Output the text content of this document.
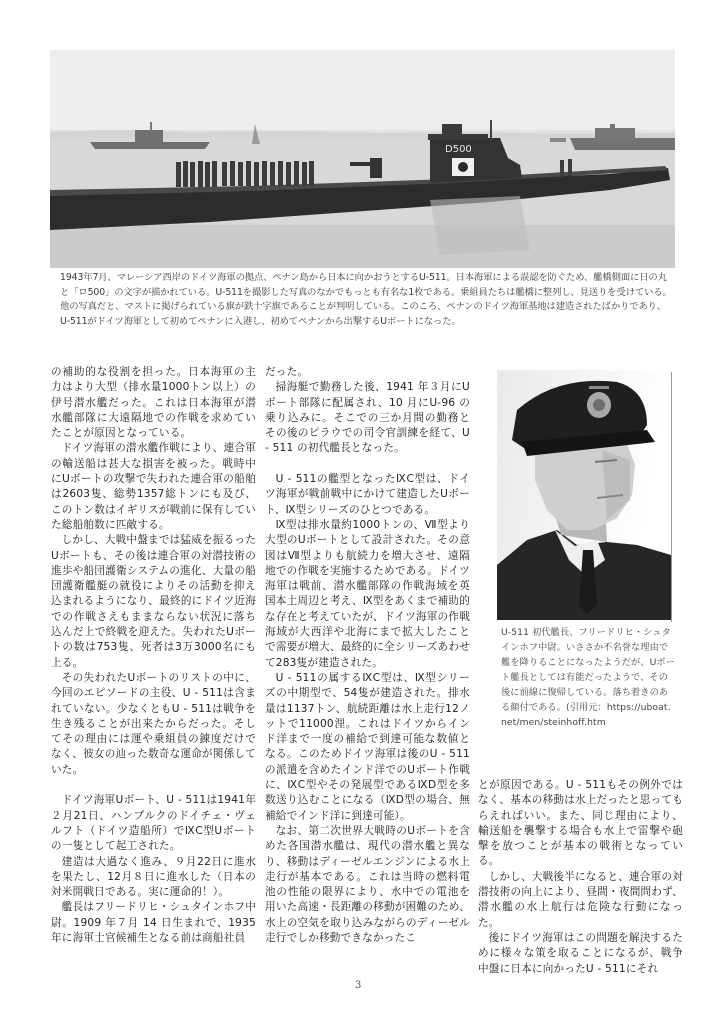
D500
1943年7月、マレーシア西岸のドイツ海軍の拠点、ペナン島から日本に向かおうとするU-511。日本海軍による誤認を防ぐため、艦橋側面に日の丸と「ロ500」の文字が描かれている。U-511を撮影した写真のなかでもっとも有名な1枚である。乗組員たちは艦橋に整列し、見送りを受けている。他の写真だと、マストに掲げられている旗が鉄十字旗であることが判明している。このころ、ペナンのドイツ海軍基地は建造されたばかりであり、U-511がドイツ海軍として初めてペナンに入港し、初めてペナンから出撃するUボートになった。

の補助的な役割を担った。日本海軍の主力はより大型（排水量1000トン以上）の伊号潜水艦だった。これは日本海軍が潜水艦部隊に大遠隔地での作戦を求めていたことが原因となっている。

ドイツ海軍の潜水艦作戦により、連合軍の輸送船は甚大な損害を被った。戦時中にUボートの攻撃で失われた連合軍の船舶は2603隻、総勢1357総トンにも及び、このトン数はイギリスが戦前に保有していた総船舶数に匹敵する。

しかし、大戦中盤までは猛威を振るったUボートも、その後は連合軍の対潜技術の進歩や船団護衛システムの進化、大量の船団護衛艦艇の就役によりその活動を抑え込まれるようになり、最終的にドイツ近海での作戦さえもままならない状況に落ち込んだ上で終戦を迎えた。失われたUボートの数は753隻、死者は3万3000名にも上る。

その失われたUボートのリストの中に、今回のエピソードの主役、U - 511は含まれていない。少なくともU - 511は戦争を生き残ることが出来たからだった。そしてその理由には運や乗組員の錬度だけでなく、彼女の辿った数奇な運命が関係していた。

ドイツ海軍Uボート、U - 511は1941年２月21日、ハンブルクのドイチェ・ヴェルフト（ドイツ造船所）でⅨC型Uボートの一隻として起工された。

建造は大過なく進み、９月22日に進水を果たし、12月８日に進水した（日本の対米開戦日である。実に運命的！）。

艦長はフリードリヒ・シュタインホフ中尉。1909 年７月 14 日生まれで、1935年に海軍士官候補生となる前は商船社員

だった。

掃海艇で勤務した後、1941 年３月にUボート部隊に配属され、10 月にU-96 の乗り込みに。そこでの三か月間の勤務とその後のピラウでの司令官訓練を経て、U - 511 の初代艦長となった。

U - 511の艦型となったⅨC型は、ドイツ海軍が戦前戦中にかけて建造したUボート、Ⅸ型シリーズのひとつである。

Ⅸ型は排水量約1000トンの、Ⅶ型より大型のUボートとして設計された。その意図はⅦ型よりも航続力を増大させ、遠隔地での作戦を実施するためである。ドイツ海軍は戦前、潜水艦部隊の作戦海域を英国本土周辺と考え、Ⅸ型をあくまで補助的な存在と考えていたが、ドイツ海軍の作戦海域が大西洋や北海にまで拡大したことで需要が増大、最終的に全シリーズあわせて283隻が建造された。

U - 511の属するⅨC型は、Ⅸ型シリーズの中期型で、54隻が建造された。排水量は1137トン、航続距離は水上走行12ノットで11000浬。これはドイツからインド洋まで一度の補給で到達可能な数値となる。このためドイツ海軍は後のU - 511の派遣を含めたインド洋でのUボート作戦に、ⅨC型やその発展型であるⅨD型を多数送り込むことになる（ⅨD型の場合、無補給でインド洋に到達可能）。

なお、第二次世界大戦時のUボートを含めた各国潜水艦は、現代の潜水艦と異なり、移動はディーゼルエンジンによる水上走行が基本である。これは当時の燃料電池の性能の限界により、水中での電池を用いた高速・長距離の移動が困難のため、水上の空気を取り込みながらのディーゼル走行でしか移動できなかったこ

U-511 初代艦長、フリードリヒ・シュタインホフ中尉。いささか不名誉な理由で艦を降りることになったようだが、Uボート艦長としては有能だったようで、その後に前線に復帰している。落ち着きのある顔付である。(引用元：https://uboat.net/men/steinhoff.htm

とが原因である。U - 511もその例外ではなく、基本の移動は水上だったと思ってもらえればいい。また、同じ理由により、輸送船を襲撃する場合も水上で雷撃や砲撃を放つことが基本の戦術となっている。

しかし、大戦後半になると、連合軍の対潜技術の向上により、昼間・夜間問わず、潜水艦の水上航行は危険な行動になった。

後にドイツ海軍はこの問題を解決するために様々な策を取ることになるが、戦争中盤に日本に向かったU - 511にそれ

3
